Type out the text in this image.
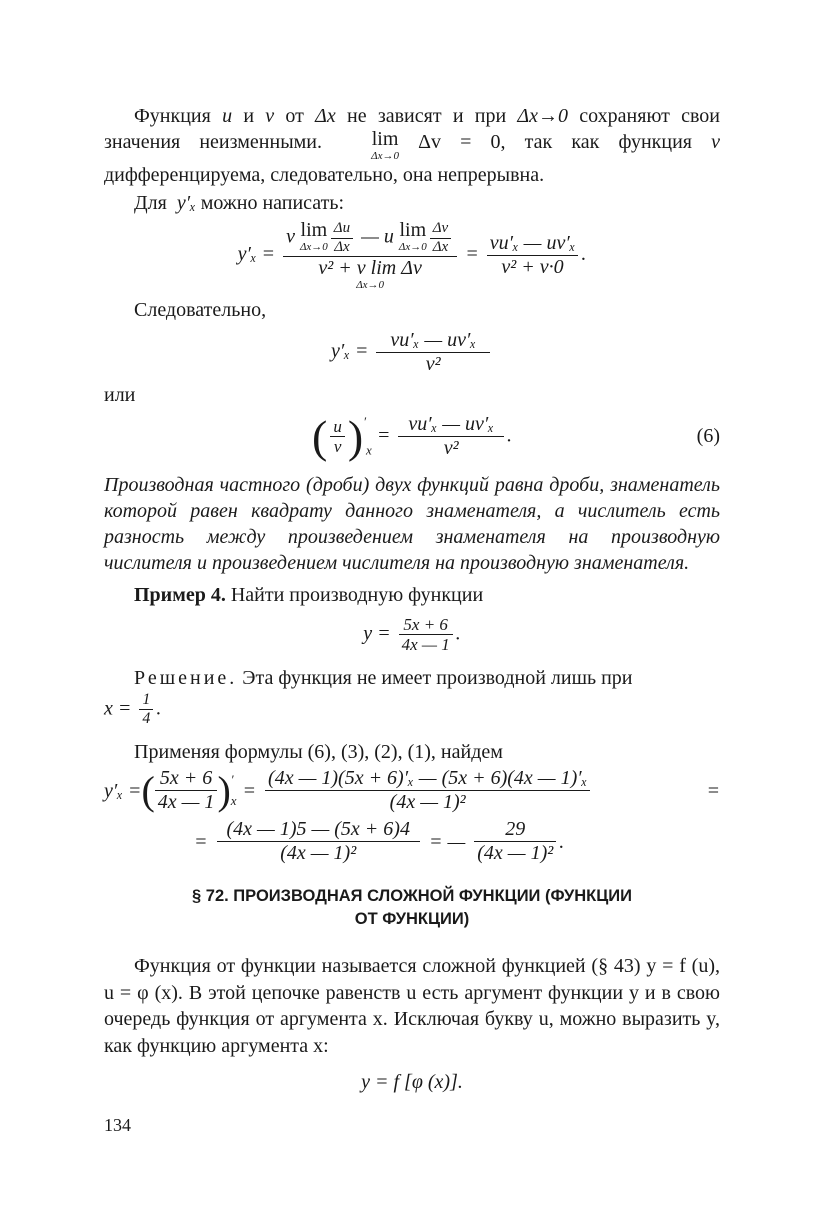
Функция u и v от Δx не зависят и при Δx→0 сохраняют свои значения неизменными. lim
Δx→0
Δv = 0, так как функция v дифференцируема, следовательно, она непрерывна.

Для y′ₓ можно написать:

y′ₓ = v lim
$\Delta x\to 0 \frac{\Delta u}{\Delta x}$ — u lim
$\Delta x\to 0 \frac{\Delta v}{\Delta x}$
v² + v lim Δv
$\Delta x\to 0 = \frac{\text{vu′ₓ — uv′ₓ}}{\text{v² + v·0}}$ .

Следовательно,

$y'_x = \frac{\text{vu′ₓ — uv′ₓ}}{\text{v²}}$

или

( $\frac{u}{v} )'_x = \frac{\text{vu′ₓ — uv′ₓ}}{\text{v²}}$ .	(6)

Производная частного (дроби) двух функций равна дроби, знаменатель которой равен квадрату данного знаменателя, а числитель есть разность между произведением знаменателя на производную числителя и произведением числителя на производную знаменателя.

Пример 4. Найти производную функции

$y = \frac{5x + 6}{4x — 1}$ .

Решение. Эта функция не имеет производной лишь при

$x = \frac{1}{4}$ .

Применяя формулы (6), (3), (2), (1), найдем

y′ₓ = ( $\frac{5x + 6}{4x — 1}$ ) ′
$x = \frac{\text{(4x — 1)(5x + 6)′ₓ — (5x + 6)(4x — 1)′ₓ}}{\text{(4x — 1)²}}$	=
= $\frac{(4x — 1)5 — (5x + 6)4}{\text{(4x — 1)²}}$ = — $\frac{29}{\text{(4x — 1)²}}$ .
§ 72. ПРОИЗВОДНАЯ СЛОЖНОЙ ФУНКЦИИ (ФУНКЦИИ
ОТ ФУНКЦИИ)

Функция от функции называется сложной функцией (§ 43) y = f (u), u = φ (x). В этой цепочке равенств u есть аргумент функции y и в свою очередь функция от аргумента x. Исключая букву u, можно выразить y, как функцию аргумента x:

y = f [φ (x)].
134
